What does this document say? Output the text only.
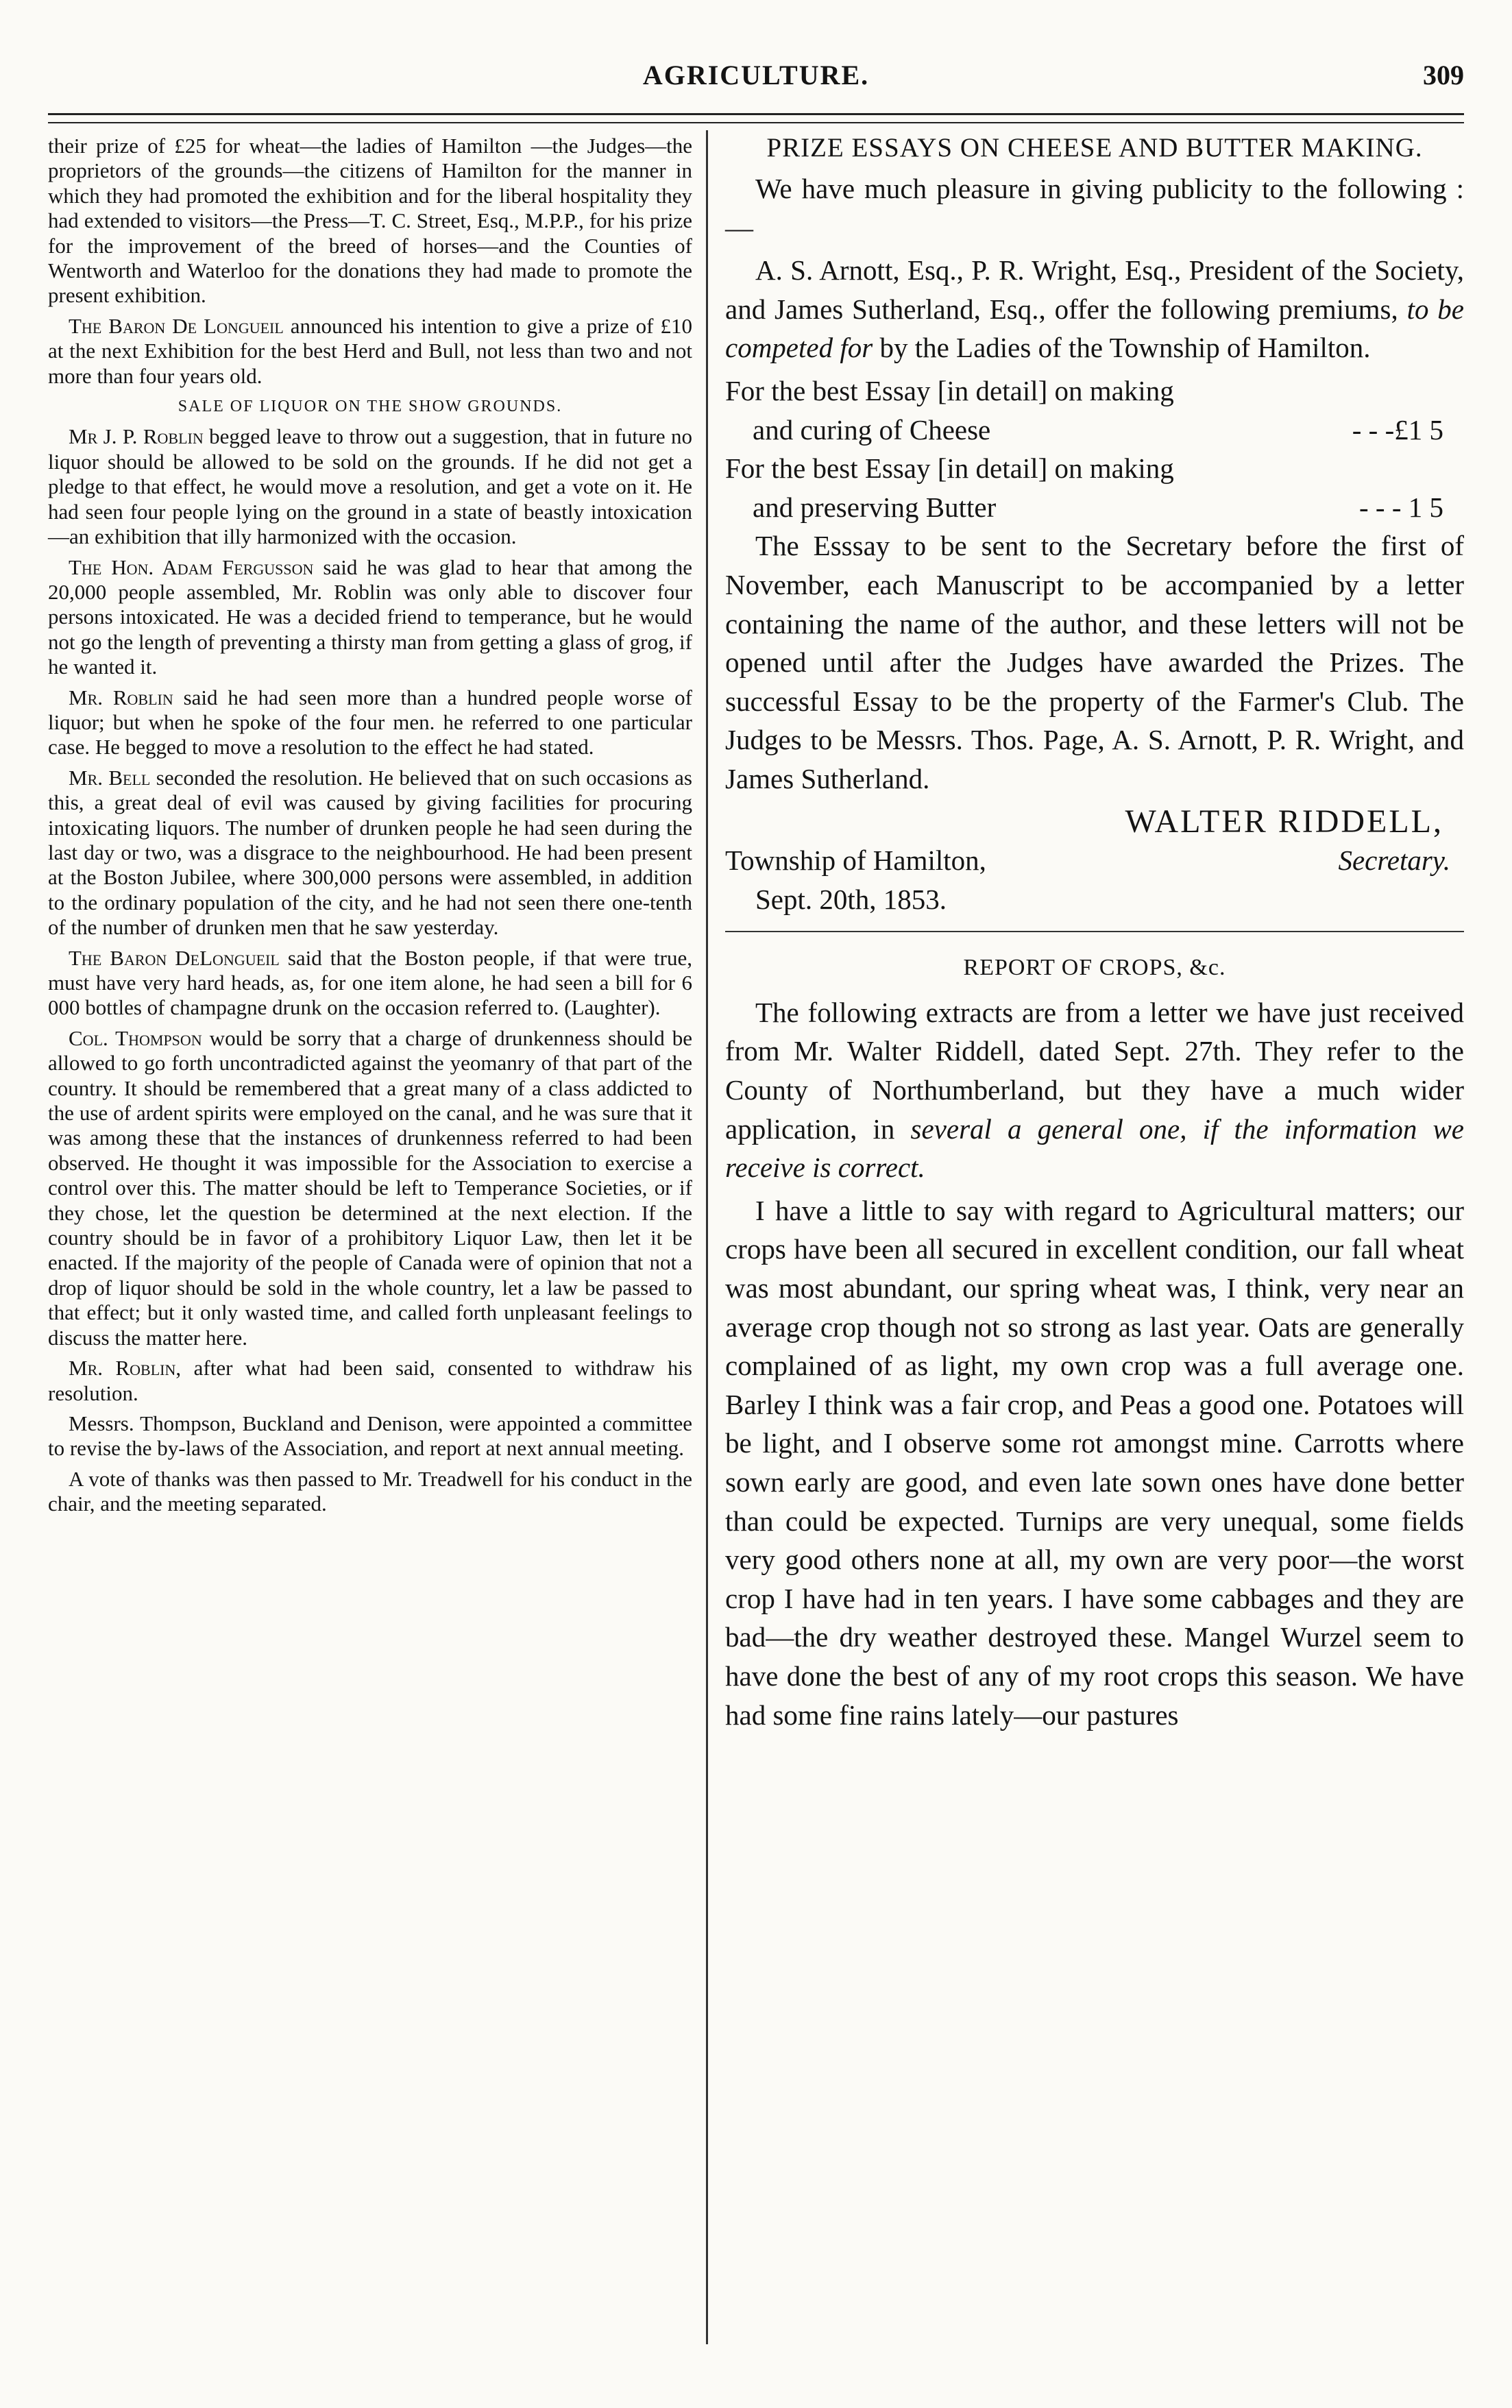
AGRICULTURE.	309

their prize of £25 for wheat—the ladies of Hamilton —the Judges—the proprietors of the grounds—the citizens of Hamilton for the manner in which they had promoted the exhibition and for the liberal hospitality they had extended to visitors—the Press—T. C. Street, Esq., M.P.P., for his prize for the improvement of the breed of horses—and the Counties of Wentworth and Waterloo for the donations they had made to promote the present exhibition.

The Baron De Longueil announced his intention to give a prize of £10 at the next Exhibition for the best Herd and Bull, not less than two and not more than four years old.

SALE OF LIQUOR ON THE SHOW GROUNDS.

Mr J. P. Roblin begged leave to throw out a suggestion, that in future no liquor should be allowed to be sold on the grounds. If he did not get a pledge to that effect, he would move a resolution, and get a vote on it. He had seen four people lying on the ground in a state of beastly intoxication—an exhibition that illy harmonized with the occasion.

The Hon. Adam Fergusson said he was glad to hear that among the 20,000 people assembled, Mr. Roblin was only able to discover four persons intoxicated. He was a decided friend to temperance, but he would not go the length of preventing a thirsty man from getting a glass of grog, if he wanted it.

Mr. Roblin said he had seen more than a hundred people worse of liquor; but when he spoke of the four men. he referred to one particular case. He begged to move a resolution to the effect he had stated.

Mr. Bell seconded the resolution. He believed that on such occasions as this, a great deal of evil was caused by giving facilities for procuring intoxicating liquors. The number of drunken people he had seen during the last day or two, was a disgrace to the neighbourhood. He had been present at the Boston Jubilee, where 300,000 persons were assembled, in addition to the ordinary population of the city, and he had not seen there one-tenth of the number of drunken men that he saw yesterday.

The Baron DeLongueil said that the Boston people, if that were true, must have very hard heads, as, for one item alone, he had seen a bill for 6 000 bottles of champagne drunk on the occasion referred to. (Laughter).

Col. Thompson would be sorry that a charge of drunkenness should be allowed to go forth uncontradicted against the yeomanry of that part of the country. It should be remembered that a great many of a class addicted to the use of ardent spirits were employed on the canal, and he was sure that it was among these that the instances of drunkenness referred to had been observed. He thought it was impossible for the Association to exercise a control over this. The matter should be left to Temperance Societies, or if they chose, let the question be determined at the next election. If the country should be in favor of a prohibitory Liquor Law, then let it be enacted. If the majority of the people of Canada were of opinion that not a drop of liquor should be sold in the whole country, let a law be passed to that effect; but it only wasted time, and called forth unpleasant feelings to discuss the matter here.

Mr. Roblin, after what had been said, consented to withdraw his resolution.

Messrs. Thompson, Buckland and Denison, were appointed a committee to revise the by-laws of the Association, and report at next annual meeting.

A vote of thanks was then passed to Mr. Treadwell for his conduct in the chair, and the meeting separated.

PRIZE ESSAYS ON CHEESE AND BUTTER MAKING.

We have much pleasure in giving publicity to the following :—

A. S. Arnott, Esq., P. R. Wright, Esq., President of the Society, and James Sutherland, Esq., offer the following premiums, to be competed for by the Ladies of the Township of Hamilton.

For the best Essay [in detail] on making
and curing of Cheese	- - -£1 5
For the best Essay [in detail] on making
and preserving Butter	- - - 1 5

The Esssay to be sent to the Secretary before the first of November, each Manuscript to be accompanied by a letter containing the name of the author, and these letters will not be opened until after the Judges have awarded the Prizes. The successful Essay to be the property of the Farmer's Club. The Judges to be Messrs. Thos. Page, A. S. Arnott, P. R. Wright, and James Sutherland.

WALTER RIDDELL,
Township of Hamilton,	Secretary.
Sept. 20th, 1853.
REPORT OF CROPS, &c.

The following extracts are from a letter we have just received from Mr. Walter Riddell, dated Sept. 27th. They refer to the County of Northumberland, but they have a much wider application, in several a general one, if the information we receive is correct.

I have a little to say with regard to Agricultural matters; our crops have been all secured in excellent condition, our fall wheat was most abundant, our spring wheat was, I think, very near an average crop though not so strong as last year. Oats are generally complained of as light, my own crop was a full average one. Barley I think was a fair crop, and Peas a good one. Potatoes will be light, and I observe some rot amongst mine. Carrotts where sown early are good, and even late sown ones have done better than could be expected. Turnips are very unequal, some fields very good others none at all, my own are very poor—the worst crop I have had in ten years. I have some cabbages and they are bad—the dry weather destroyed these. Mangel Wurzel seem to have done the best of any of my root crops this season. We have had some fine rains lately—our pastures
